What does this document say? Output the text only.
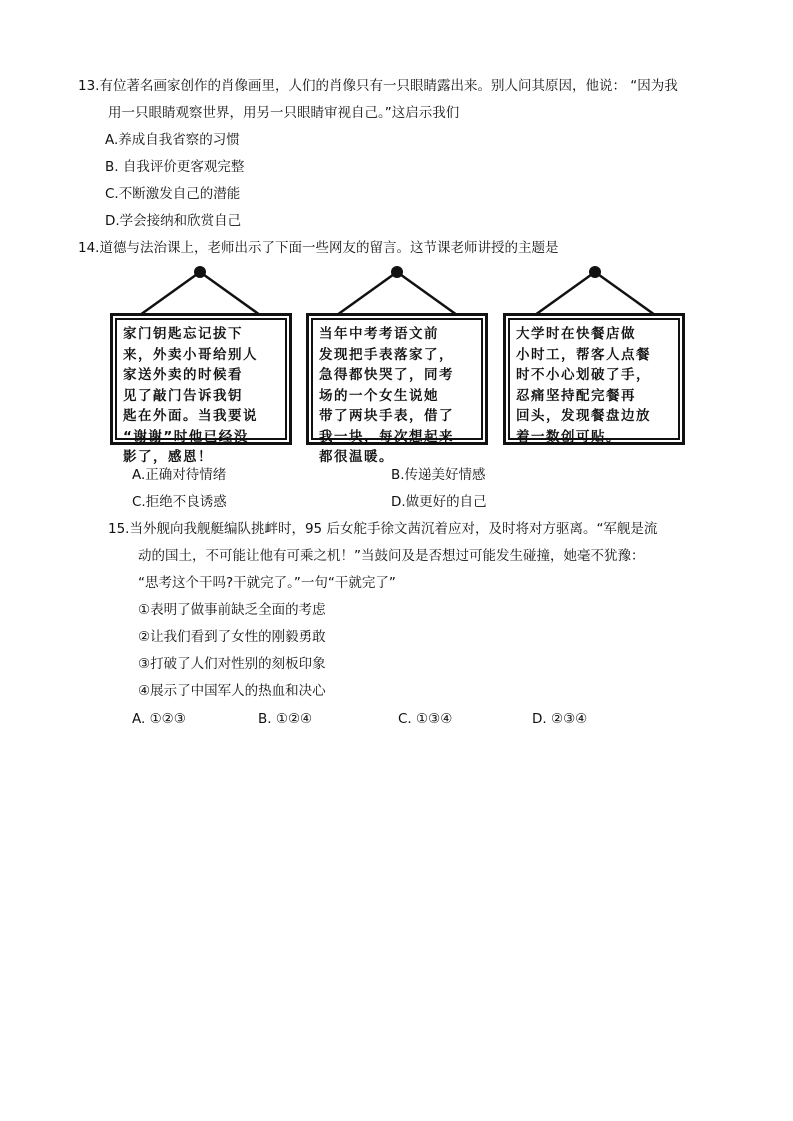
13.有位著名画家创作的肖像画里，人们的肖像只有一只眼睛露出来。别人问其原因，他说： “因为我
用一只眼睛观察世界，用另一只眼睛审视自己。”这启示我们
A.养成自我省察的习惯
B. 自我评价更客观完整
C.不断激发自己的潜能
D.学会接纳和欣赏自己
14.道德与法治课上，老师出示了下面一些网友的留言。这节课老师讲授的主题是
家门钥匙忘记拔下
来，外卖小哥给别人
家送外卖的时候看
见了敲门告诉我钥
匙在外面。当我要说
“谢谢”时他已经没
影了，感恩！
当年中考考语文前
发现把手表落家了，
急得都快哭了，同考
场的一个女生说她
带了两块手表，借了
我一块，每次想起来
都很温暖。
大学时在快餐店做
小时工，帮客人点餐
时不小心划破了手，
忍痛坚持配完餐再
回头，发现餐盘边放
着一数创可贴。
A.正确对待情绪	B.传递美好情感
C.拒绝不良诱惑	D.做更好的自己
15.当外舰向我舰艇编队挑衅时，95 后女舵手徐文茜沉着应对，及时将对方驱离。“军舰是流
动的国土，不可能让他有可乘之机！”当鼓问及是否想过可能发生碰撞，她毫不犹豫：
“思考这个干吗?干就完了。”一句“干就完了”
①表明了做事前缺乏全面的考虑
②让我们看到了女性的刚毅勇敢
③打破了人们对性别的刻板印象
④展示了中国军人的热血和决心
A. ①②③	B. ①②④	C. ①③④	D. ②③④
